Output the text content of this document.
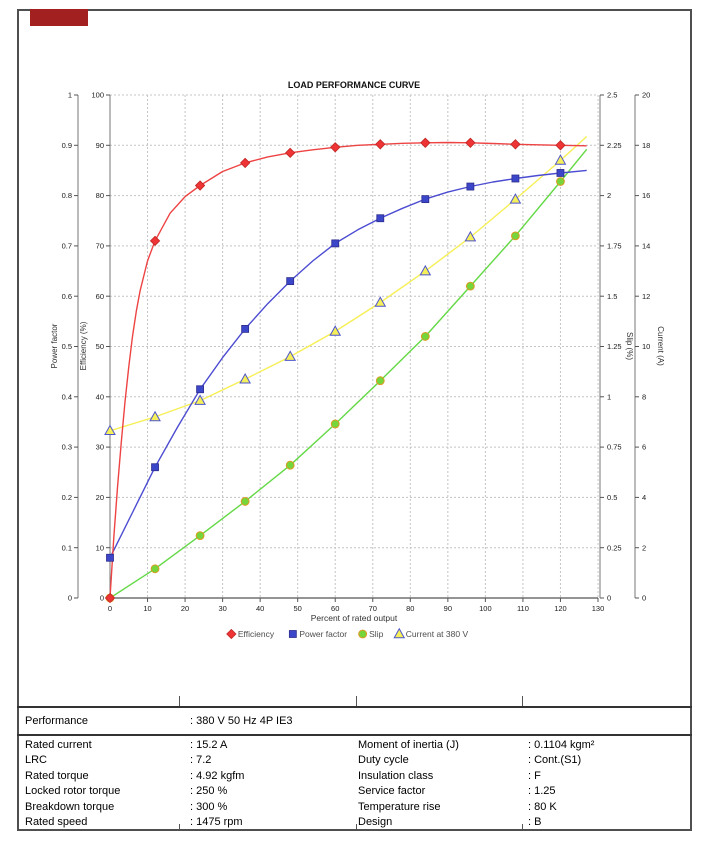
0
0.1
0.2
0.3
0.4
0.5
0.6
0.7
0.8
0.9
1
Power factor
0
10
20
30
40
50
60
70
80
90
100
Efficiency (%)
0
0.25
0.5
0.75
1
1.25
1.5
1.75
2
2.25
2.5
Slip (%)
0
2
4
6
8
10
12
14
16
18
20
Current (A)
0	10	20	30	40	50	60	70	80	90	100	110	120	130
Percent of rated output
LOAD PERFORMANCE CURVE
Efficiency	Power factor	Slip	Current at 380 V
Performance	: 380 V 50 Hz 4P IE3
Rated current	: 15.2 A	Moment of inertia (J)	: 0.1104 kgm²
LRC	: 7.2	Duty cycle	: Cont.(S1)
Rated torque	: 4.92 kgfm	Insulation class	: F
Locked rotor torque	: 250 %	Service factor	: 1.25
Breakdown torque	: 300 %	Temperature rise	: 80 K
Rated speed	: 1475 rpm	Design	: B
